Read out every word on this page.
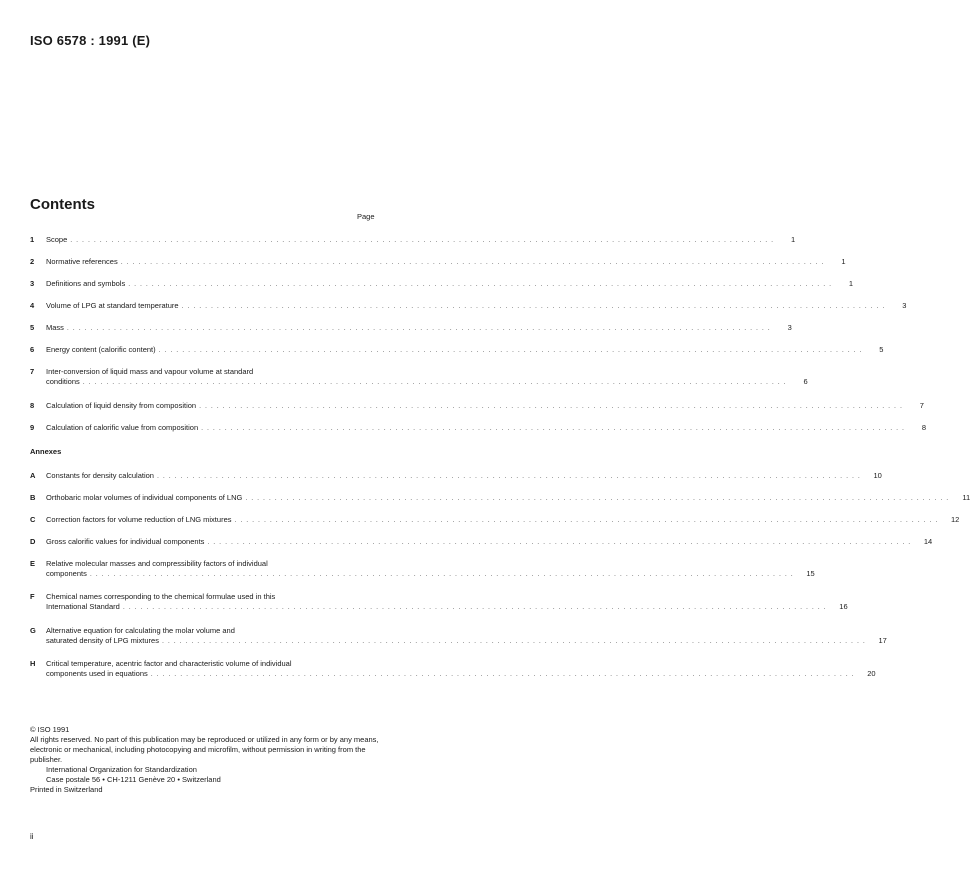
ISO 6578 : 1991 (E)
Contents
Page
1	Scope . . . . . . . . . . . . . . . . . . . . . . . . . . . . . . . . . . . . . . . . . . . . . . . . . . . . . . . . . . . . . . . . . . . . . . . . . . . . . . . . . . . . . . . . . . . . . . . . . . . . . . . . . . . . . . . . . . . . . . . .	1
2	Normative references . . . . . . . . . . . . . . . . . . . . . . . . . . . . . . . . . . . . . . . . . . . . . . . . . . . . . . . . . . . . . . . . . . . . . . . . . . . . . . . . . . . . . . . . . . . . . . . . . . . . . . . . . . . . . . . . . . . . . . . .	1
3	Definitions and symbols . . . . . . . . . . . . . . . . . . . . . . . . . . . . . . . . . . . . . . . . . . . . . . . . . . . . . . . . . . . . . . . . . . . . . . . . . . . . . . . . . . . . . . . . . . . . . . . . . . . . . . . . . . . . . . . . . . . . . . . .	1
4	Volume of LPG at standard temperature . . . . . . . . . . . . . . . . . . . . . . . . . . . . . . . . . . . . . . . . . . . . . . . . . . . . . . . . . . . . . . . . . . . . . . . . . . . . . . . . . . . . . . . . . . . . . . . . . . . . . . . . . . . . . . . . . . . . . . . .	3
5	Mass . . . . . . . . . . . . . . . . . . . . . . . . . . . . . . . . . . . . . . . . . . . . . . . . . . . . . . . . . . . . . . . . . . . . . . . . . . . . . . . . . . . . . . . . . . . . . . . . . . . . . . . . . . . . . . . . . . . . . . . .	3
6	Energy content (calorific content) . . . . . . . . . . . . . . . . . . . . . . . . . . . . . . . . . . . . . . . . . . . . . . . . . . . . . . . . . . . . . . . . . . . . . . . . . . . . . . . . . . . . . . . . . . . . . . . . . . . . . . . . . . . . . . . . . . . . . . . .	5
7	Inter-conversion of liquid mass and vapour volume at standard
conditions . . . . . . . . . . . . . . . . . . . . . . . . . . . . . . . . . . . . . . . . . . . . . . . . . . . . . . . . . . . . . . . . . . . . . . . . . . . . . . . . . . . . . . . . . . . . . . . . . . . . . . . . . . . . . . . . . . . . . . . .	6
8	Calculation of liquid density from composition . . . . . . . . . . . . . . . . . . . . . . . . . . . . . . . . . . . . . . . . . . . . . . . . . . . . . . . . . . . . . . . . . . . . . . . . . . . . . . . . . . . . . . . . . . . . . . . . . . . . . . . . . . . . . . . . . . . . . . . .	7
9	Calculation of calorific value from composition . . . . . . . . . . . . . . . . . . . . . . . . . . . . . . . . . . . . . . . . . . . . . . . . . . . . . . . . . . . . . . . . . . . . . . . . . . . . . . . . . . . . . . . . . . . . . . . . . . . . . . . . . . . . . . . . . . . . . . . .	8
Annexes
A	Constants for density calculation . . . . . . . . . . . . . . . . . . . . . . . . . . . . . . . . . . . . . . . . . . . . . . . . . . . . . . . . . . . . . . . . . . . . . . . . . . . . . . . . . . . . . . . . . . . . . . . . . . . . . . . . . . . . . . . . . . . . . . . .	10
B	Orthobaric molar volumes of individual components of LNG . . . . . . . . . . . . . . . . . . . . . . . . . . . . . . . . . . . . . . . . . . . . . . . . . . . . . . . . . . . . . . . . . . . . . . . . . . . . . . . . . . . . . . . . . . . . . . . . . . . . . . . . . . . . . . . . . . . . . . . .	11
C	Correction factors for volume reduction of LNG mixtures . . . . . . . . . . . . . . . . . . . . . . . . . . . . . . . . . . . . . . . . . . . . . . . . . . . . . . . . . . . . . . . . . . . . . . . . . . . . . . . . . . . . . . . . . . . . . . . . . . . . . . . . . . . . . . . . . . . . . . . .	12
D	Gross calorific values for individual components . . . . . . . . . . . . . . . . . . . . . . . . . . . . . . . . . . . . . . . . . . . . . . . . . . . . . . . . . . . . . . . . . . . . . . . . . . . . . . . . . . . . . . . . . . . . . . . . . . . . . . . . . . . . . . . . . . . . . . . .	14
E	Relative molecular masses and compressibility factors of individual
components . . . . . . . . . . . . . . . . . . . . . . . . . . . . . . . . . . . . . . . . . . . . . . . . . . . . . . . . . . . . . . . . . . . . . . . . . . . . . . . . . . . . . . . . . . . . . . . . . . . . . . . . . . . . . . . . . . . . . . . .	15
F	Chemical names corresponding to the chemical formulae used in this
International Standard . . . . . . . . . . . . . . . . . . . . . . . . . . . . . . . . . . . . . . . . . . . . . . . . . . . . . . . . . . . . . . . . . . . . . . . . . . . . . . . . . . . . . . . . . . . . . . . . . . . . . . . . . . . . . . . . . . . . . . . .	16
G	Alternative equation for calculating the molar volume and
saturated density of LPG mixtures . . . . . . . . . . . . . . . . . . . . . . . . . . . . . . . . . . . . . . . . . . . . . . . . . . . . . . . . . . . . . . . . . . . . . . . . . . . . . . . . . . . . . . . . . . . . . . . . . . . . . . . . . . . . . . . . . . . . . . . .	17
H	Critical temperature, acentric factor and characteristic volume of individual
components used in equations . . . . . . . . . . . . . . . . . . . . . . . . . . . . . . . . . . . . . . . . . . . . . . . . . . . . . . . . . . . . . . . . . . . . . . . . . . . . . . . . . . . . . . . . . . . . . . . . . . . . . . . . . . . . . . . . . . . . . . . .	20
© ISO 1991
All rights reserved. No part of this publication may be reproduced or utilized in any form or by any means, electronic or mechanical, including photocopying and microfilm, without permission in writing from the publisher.
International Organization for Standardization
Case postale 56 • CH-1211 Genève 20 • Switzerland
Printed in Switzerland
ii
